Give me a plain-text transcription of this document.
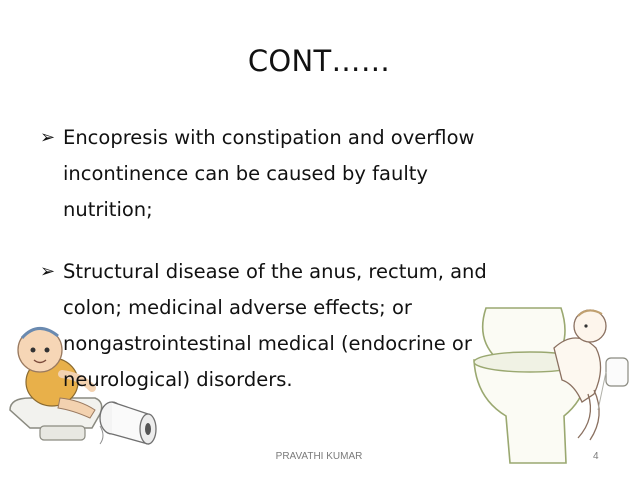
CONT……
➢ Encopresis with constipation and overflow
incontinence can be caused by faulty
nutrition;
➢ Structural disease of the anus, rectum, and
colon; medicinal adverse effects; or
nongastrointestinal medical (endocrine or
neurological) disorders.
PRAVATHI KUMAR	4
